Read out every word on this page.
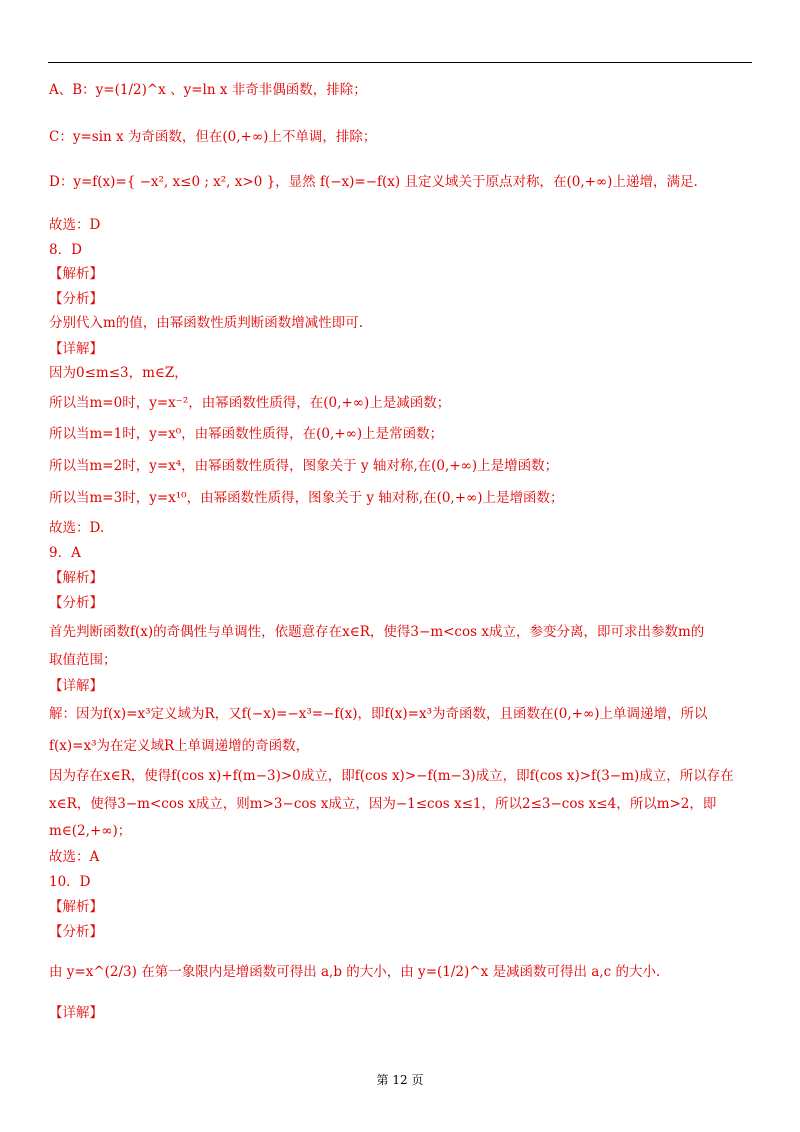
A、B：y=(1/2)^x 、y=ln x 非奇非偶函数，排除；
C：y=sin x 为奇函数，但在(0,+∞)上不单调，排除；
D：y=f(x)={ −x², x≤0 ; x², x>0 }，显然 f(−x)=−f(x) 且定义域关于原点对称，在(0,+∞)上递增，满足.
故选：D
8．D
【解析】
【分析】
分别代入m的值，由幂函数性质判断函数增减性即可.
【详解】
因为0≤m≤3，m∈Z，
所以当m=0时，y=x⁻²，由幂函数性质得，在(0,+∞)上是减函数；
所以当m=1时，y=x⁰，由幂函数性质得，在(0,+∞)上是常函数；
所以当m=2时，y=x⁴，由幂函数性质得，图象关于 y 轴对称,在(0,+∞)上是增函数；
所以当m=3时，y=x¹⁰，由幂函数性质得，图象关于 y 轴对称,在(0,+∞)上是增函数；
故选：D.
9．A
【解析】
【分析】
首先判断函数f(x)的奇偶性与单调性，依题意存在x∈R，使得3−m<cos x成立，参变分离，即可求出参数m的
取值范围；
【详解】
解：因为f(x)=x³定义域为R，又f(−x)=−x³=−f(x)，即f(x)=x³为奇函数，且函数在(0,+∞)上单调递增，所以
f(x)=x³为在定义域R上单调递增的奇函数，
因为存在x∈R，使得f(cos x)+f(m−3)>0成立，即f(cos x)>−f(m−3)成立，即f(cos x)>f(3−m)成立，所以存在
x∈R，使得3−m<cos x成立，则m>3−cos x成立，因为−1≤cos x≤1，所以2≤3−cos x≤4，所以m>2，即
m∈(2,+∞)；
故选：A
10．D
【解析】
【分析】
由 y=x^(2/3) 在第一象限内是增函数可得出 a,b 的大小，由 y=(1/2)^x 是减函数可得出 a,c 的大小.
【详解】
第 12 页
